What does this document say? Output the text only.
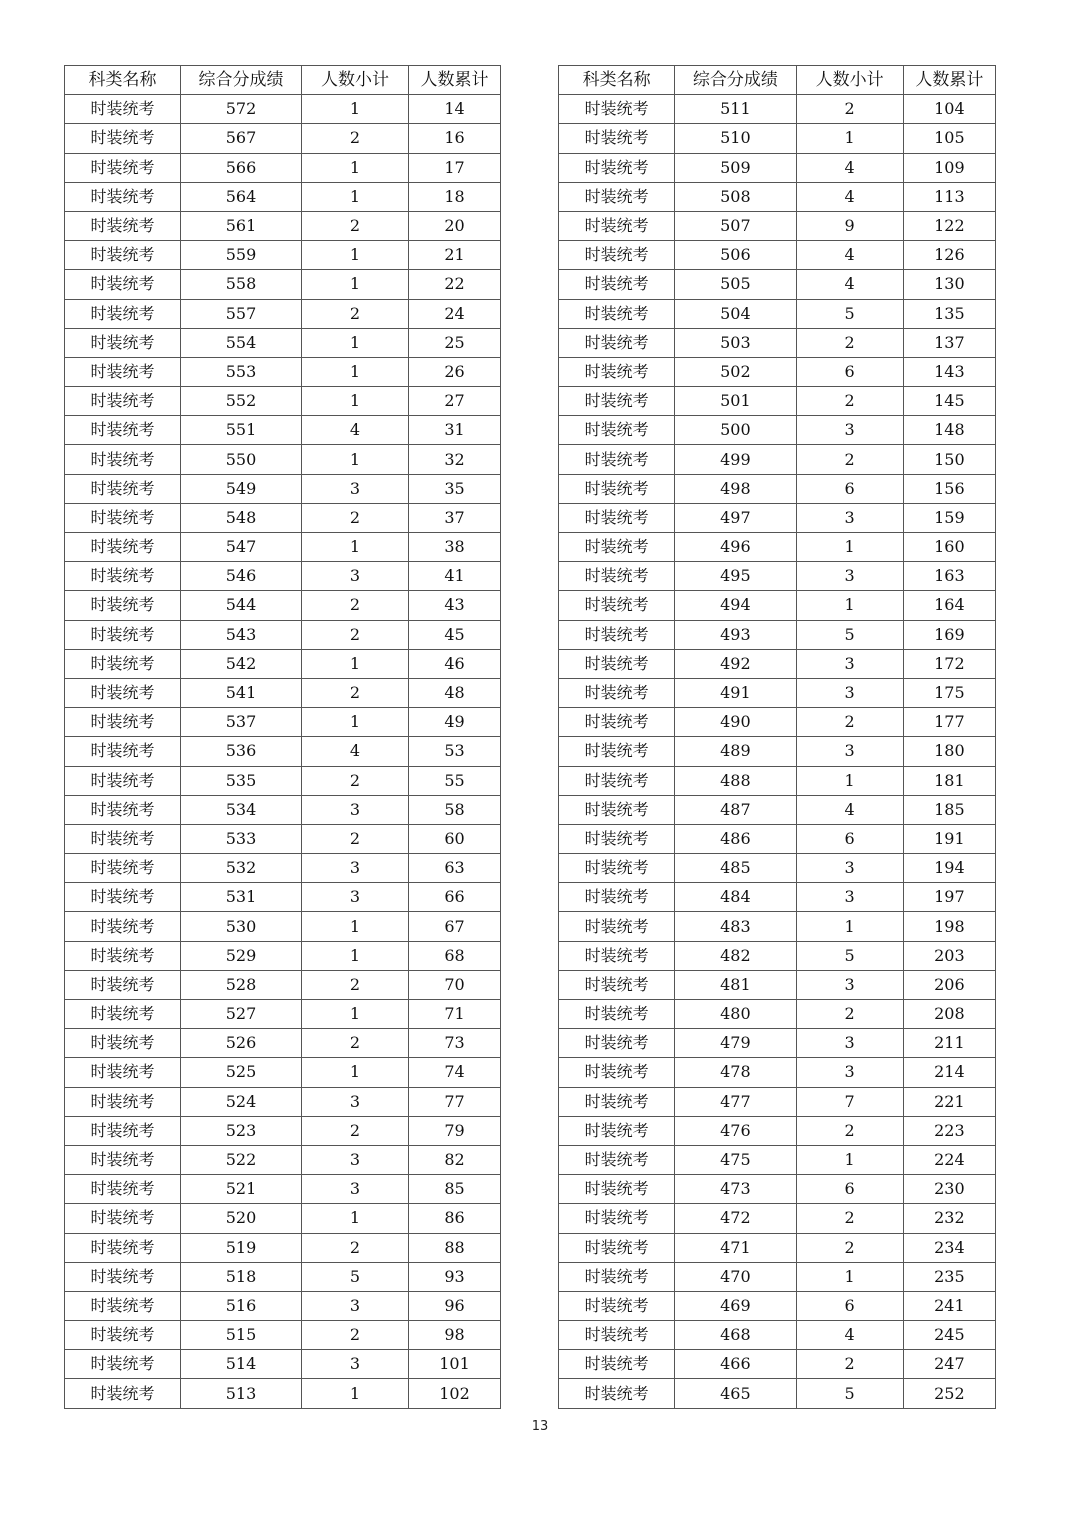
科类名称	综合分成绩	人数小计	人数累计
时装统考	572	1	14
时装统考	567	2	16
时装统考	566	1	17
时装统考	564	1	18
时装统考	561	2	20
时装统考	559	1	21
时装统考	558	1	22
时装统考	557	2	24
时装统考	554	1	25
时装统考	553	1	26
时装统考	552	1	27
时装统考	551	4	31
时装统考	550	1	32
时装统考	549	3	35
时装统考	548	2	37
时装统考	547	1	38
时装统考	546	3	41
时装统考	544	2	43
时装统考	543	2	45
时装统考	542	1	46
时装统考	541	2	48
时装统考	537	1	49
时装统考	536	4	53
时装统考	535	2	55
时装统考	534	3	58
时装统考	533	2	60
时装统考	532	3	63
时装统考	531	3	66
时装统考	530	1	67
时装统考	529	1	68
时装统考	528	2	70
时装统考	527	1	71
时装统考	526	2	73
时装统考	525	1	74
时装统考	524	3	77
时装统考	523	2	79
时装统考	522	3	82
时装统考	521	3	85
时装统考	520	1	86
时装统考	519	2	88
时装统考	518	5	93
时装统考	516	3	96
时装统考	515	2	98
时装统考	514	3	101
时装统考	513	1	102
科类名称	综合分成绩	人数小计	人数累计
时装统考	511	2	104
时装统考	510	1	105
时装统考	509	4	109
时装统考	508	4	113
时装统考	507	9	122
时装统考	506	4	126
时装统考	505	4	130
时装统考	504	5	135
时装统考	503	2	137
时装统考	502	6	143
时装统考	501	2	145
时装统考	500	3	148
时装统考	499	2	150
时装统考	498	6	156
时装统考	497	3	159
时装统考	496	1	160
时装统考	495	3	163
时装统考	494	1	164
时装统考	493	5	169
时装统考	492	3	172
时装统考	491	3	175
时装统考	490	2	177
时装统考	489	3	180
时装统考	488	1	181
时装统考	487	4	185
时装统考	486	6	191
时装统考	485	3	194
时装统考	484	3	197
时装统考	483	1	198
时装统考	482	5	203
时装统考	481	3	206
时装统考	480	2	208
时装统考	479	3	211
时装统考	478	3	214
时装统考	477	7	221
时装统考	476	2	223
时装统考	475	1	224
时装统考	473	6	230
时装统考	472	2	232
时装统考	471	2	234
时装统考	470	1	235
时装统考	469	6	241
时装统考	468	4	245
时装统考	466	2	247
时装统考	465	5	252
13
